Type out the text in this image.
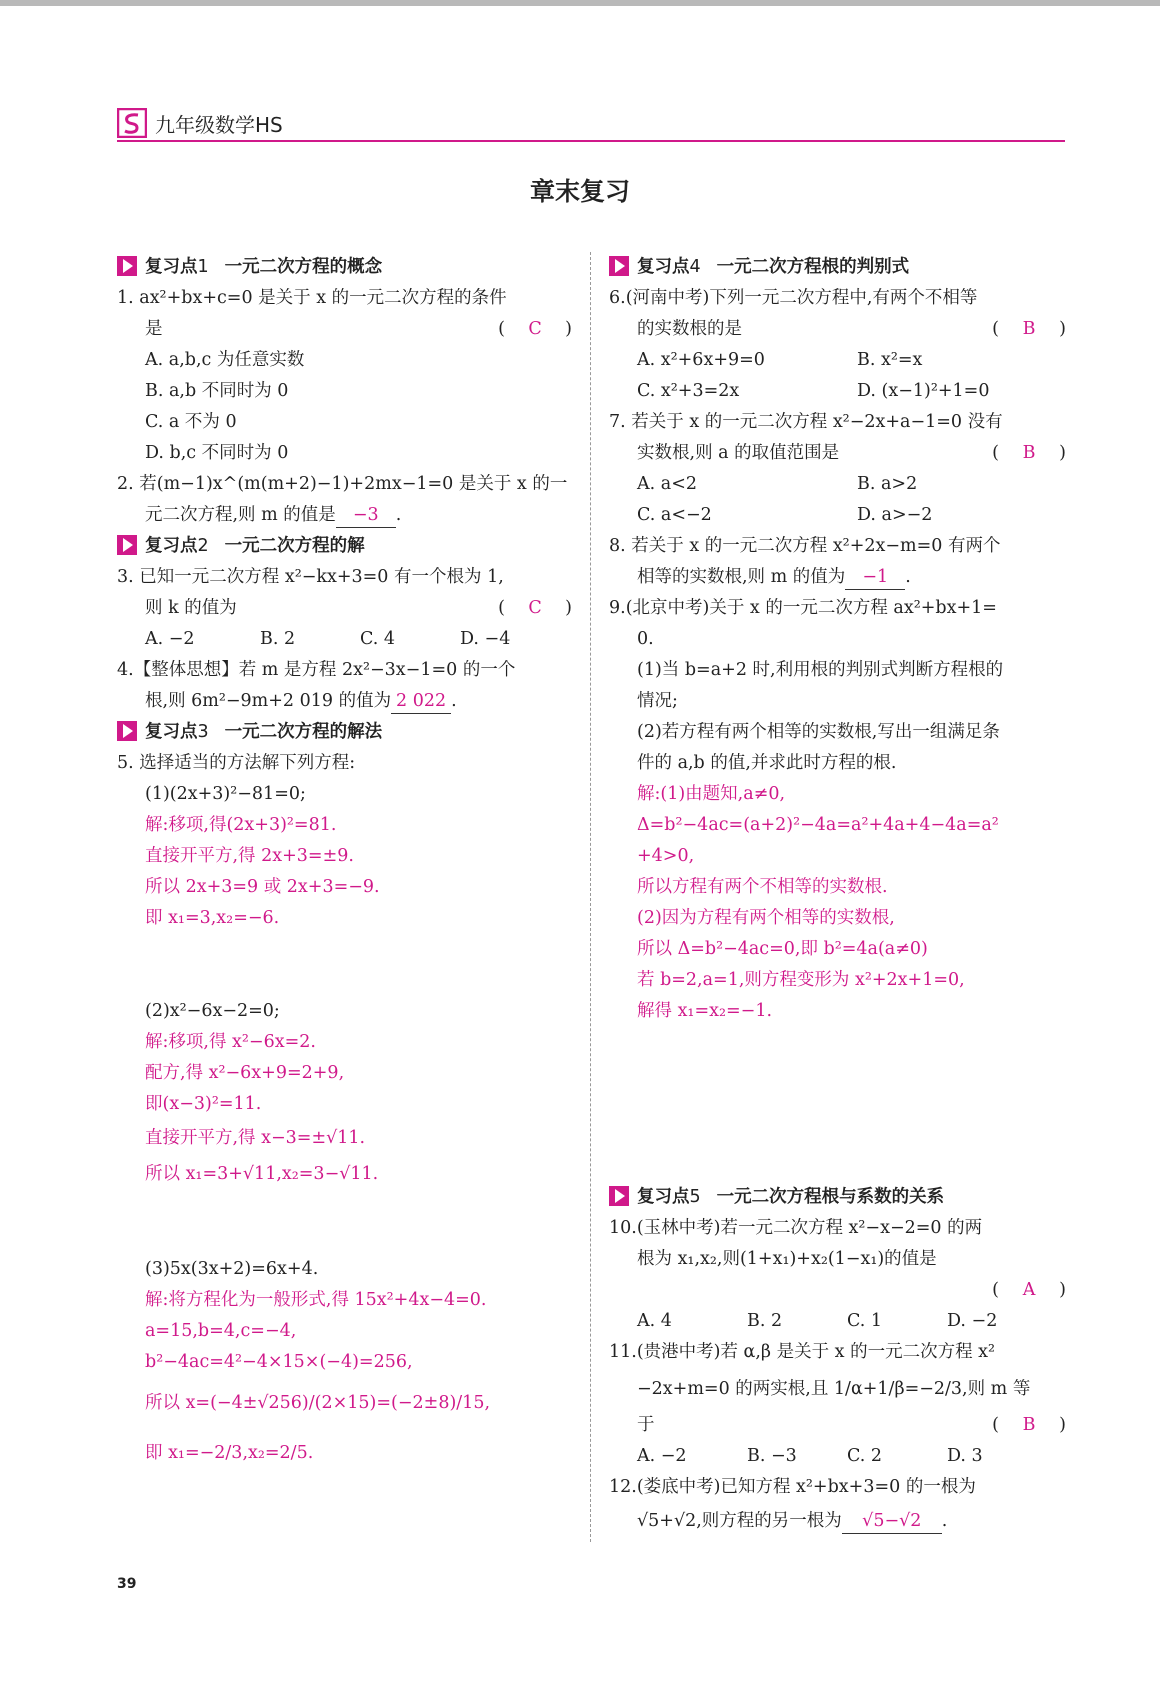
九年级数学HS
章末复习
复习点1 一元二次方程的概念
1. ax²+bx+c=0 是关于 x 的一元二次方程的条件
是	(  C  )
A. a,b,c 为任意实数
B. a,b 不同时为 0
C. a 不为 0
D. b,c 不同时为 0
2. 若(m−1)x^(m(m+2)−1)+2mx−1=0 是关于 x 的一
元二次方程,则 m 的值是 −3 .
复习点2 一元二次方程的解
3. 已知一元二次方程 x²−kx+3=0 有一个根为 1,
则 k 的值为	(  C  )
A. −2	B. 2	C. 4	D. −4
4.【整体思想】若 m 是方程 2x²−3x−1=0 的一个
根,则 6m²−9m+2 019 的值为 2 022 .
复习点3 一元二次方程的解法
5. 选择适当的方法解下列方程:
(1)(2x+3)²−81=0;
解:移项,得(2x+3)²=81.
直接开平方,得 2x+3=±9.
所以 2x+3=9 或 2x+3=−9.
即 x₁=3,x₂=−6.
(2)x²−6x−2=0;
解:移项,得 x²−6x=2.
配方,得 x²−6x+9=2+9,
即(x−3)²=11.
直接开平方,得 x−3=±√11.
所以 x₁=3+√11,x₂=3−√11.
(3)5x(3x+2)=6x+4.
解:将方程化为一般形式,得 15x²+4x−4=0.
a=15,b=4,c=−4,
b²−4ac=4²−4×15×(−4)=256,
所以 x=(−4±√256)/(2×15)=(−2±8)/15,
即 x₁=−2/3,x₂=2/5.
复习点4 一元二次方程根的判别式
6.(河南中考)下列一元二次方程中,有两个不相等
的实数根的是	(  B  )
A. x²+6x+9=0	B. x²=x
C. x²+3=2x	D. (x−1)²+1=0
7. 若关于 x 的一元二次方程 x²−2x+a−1=0 没有
实数根,则 a 的取值范围是	(  B  )
A. a<2	B. a>2
C. a<−2	D. a>−2
8. 若关于 x 的一元二次方程 x²+2x−m=0 有两个
相等的实数根,则 m 的值为 −1 .
9.(北京中考)关于 x 的一元二次方程 ax²+bx+1=
0.
(1)当 b=a+2 时,利用根的判别式判断方程根的
情况;
(2)若方程有两个相等的实数根,写出一组满足条
件的 a,b 的值,并求此时方程的根.
解:(1)由题知,a≠0,
Δ=b²−4ac=(a+2)²−4a=a²+4a+4−4a=a²
+4>0,
所以方程有两个不相等的实数根.
(2)因为方程有两个相等的实数根,
所以 Δ=b²−4ac=0,即 b²=4a(a≠0)
若 b=2,a=1,则方程变形为 x²+2x+1=0,
解得 x₁=x₂=−1.
复习点5 一元二次方程根与系数的关系
10.(玉林中考)若一元二次方程 x²−x−2=0 的两
根为 x₁,x₂,则(1+x₁)+x₂(1−x₁)的值是
(  A  )
A. 4	B. 2	C. 1	D. −2
11.(贵港中考)若 α,β 是关于 x 的一元二次方程 x²
−2x+m=0 的两实根,且 1/α+1/β=−2/3,则 m 等
于	(  B  )
A. −2	B. −3	C. 2	D. 3
12.(娄底中考)已知方程 x²+bx+3=0 的一根为
√5+√2,则方程的另一根为 √5−√2 .
39
